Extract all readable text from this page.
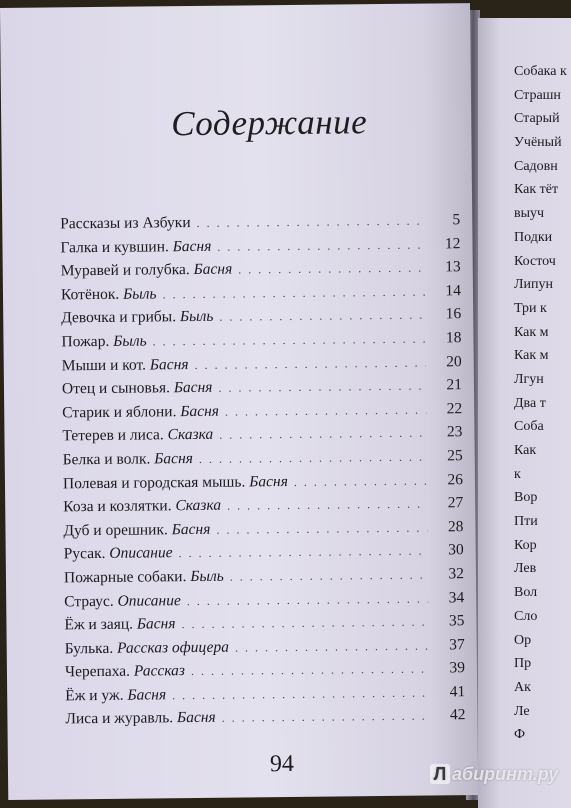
Содержание
Рассказы из Азбуки . . .	5
Галка и кувшин. Басня . . .	12
Муравей и голубка. Басня . . .	13
Котёнок. Быль . . .	14
Девочка и грибы. Быль . . .	16
Пожар. Быль . . .	18
Мыши и кот. Басня . . .	20
Отец и сыновья. Басня . . .	21
Старик и яблони. Басня . . .	22
Тетерев и лиса. Сказка . . .	23
Белка и волк. Басня . . .	25
Полевая и городская мышь. Басня . . .	26
Коза и козлятки. Сказка . . .	27
Дуб и орешник. Басня . . .	28
Русак. Описание . . .	30
Пожарные собаки. Быль . . .	32
Страус. Описание . . .	34
Ёж и заяц. Басня . . .	35
Булька. Рассказ офицера . . .	37
Черепаха. Рассказ . . .	39
Ёж и уж. Басня . . .	41
Лиса и журавль. Басня . . .	42
94
Собака к
Страшн
Старый
Учёный
Садовн
Как тёт
выуч
Подки
Косточ
Липун
Три к
Как м
Как м
Лгун
Два т
Соба
Как
к
Вор
Пти
Кор
Лев
Вол
Сло
Ор
Пр
Ак
Ле
Ф
Л абиринт.ру
